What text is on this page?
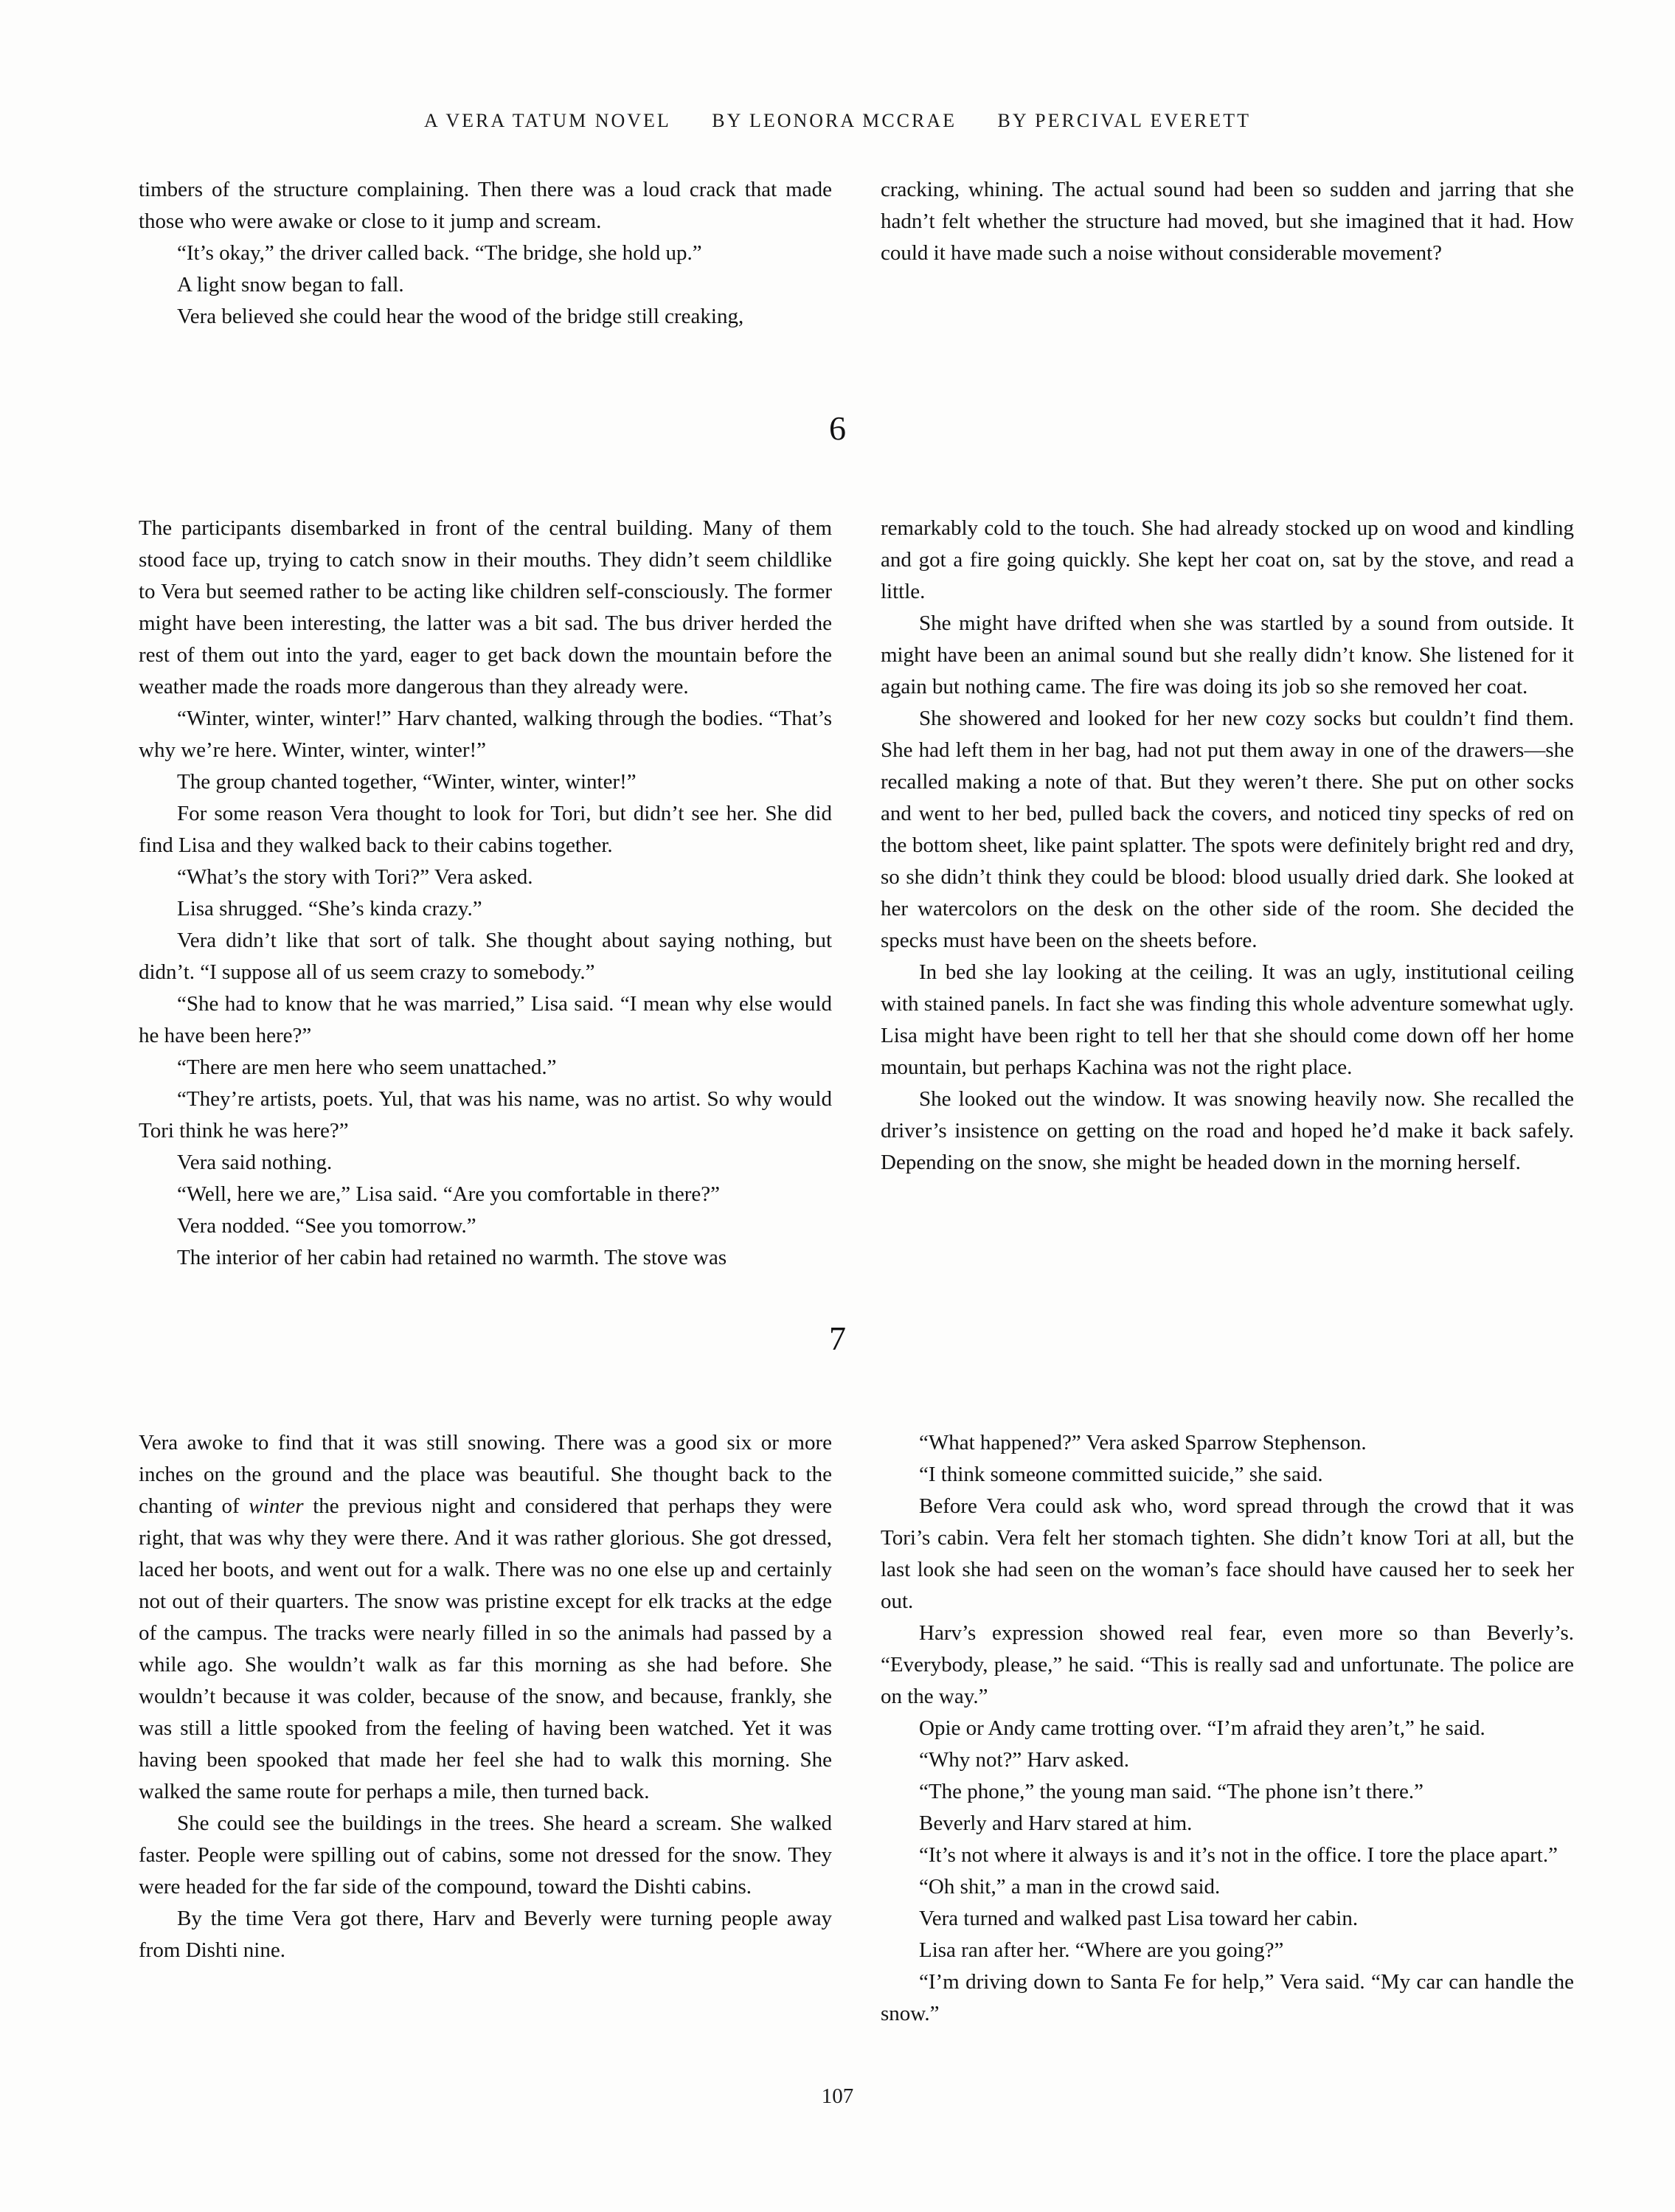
A VERA TATUM NOVEL BY LEONORA MCCRAE BY PERCIVAL EVERETT

timbers of the structure complaining. Then there was a loud crack that made those who were awake or close to it jump and scream.

“It’s okay,” the driver called back. “The bridge, she hold up.”

A light snow began to fall.

Vera believed she could hear the wood of the bridge still creaking,

cracking, whining. The actual sound had been so sudden and jarring that she hadn’t felt whether the structure had moved, but she imagined that it had. How could it have made such a noise without considerable movement?

6

The participants disembarked in front of the central building. Many of them stood face up, trying to catch snow in their mouths. They didn’t seem childlike to Vera but seemed rather to be acting like children self-consciously. The former might have been interesting, the latter was a bit sad. The bus driver herded the rest of them out into the yard, eager to get back down the mountain before the weather made the roads more dangerous than they already were.

“Winter, winter, winter!” Harv chanted, walking through the bodies. “That’s why we’re here. Winter, winter, winter!”

The group chanted together, “Winter, winter, winter!”

For some reason Vera thought to look for Tori, but didn’t see her. She did find Lisa and they walked back to their cabins together.

“What’s the story with Tori?” Vera asked.

Lisa shrugged. “She’s kinda crazy.”

Vera didn’t like that sort of talk. She thought about saying nothing, but didn’t. “I suppose all of us seem crazy to somebody.”

“She had to know that he was married,” Lisa said. “I mean why else would he have been here?”

“There are men here who seem unattached.”

“They’re artists, poets. Yul, that was his name, was no artist. So why would Tori think he was here?”

Vera said nothing.

“Well, here we are,” Lisa said. “Are you comfortable in there?”

Vera nodded. “See you tomorrow.”

The interior of her cabin had retained no warmth. The stove was

remarkably cold to the touch. She had already stocked up on wood and kindling and got a fire going quickly. She kept her coat on, sat by the stove, and read a little.

She might have drifted when she was startled by a sound from outside. It might have been an animal sound but she really didn’t know. She listened for it again but nothing came. The fire was doing its job so she removed her coat.

She showered and looked for her new cozy socks but couldn’t find them. She had left them in her bag, had not put them away in one of the drawers—she recalled making a note of that. But they weren’t there. She put on other socks and went to her bed, pulled back the covers, and noticed tiny specks of red on the bottom sheet, like paint splatter. The spots were definitely bright red and dry, so she didn’t think they could be blood: blood usually dried dark. She looked at her watercolors on the desk on the other side of the room. She decided the specks must have been on the sheets before.

In bed she lay looking at the ceiling. It was an ugly, institutional ceiling with stained panels. In fact she was finding this whole adventure somewhat ugly. Lisa might have been right to tell her that she should come down off her home mountain, but perhaps Kachina was not the right place.

She looked out the window. It was snowing heavily now. She recalled the driver’s insistence on getting on the road and hoped he’d make it back safely. Depending on the snow, she might be headed down in the morning herself.

7

Vera awoke to find that it was still snowing. There was a good six or more inches on the ground and the place was beautiful. She thought back to the chanting of winter the previous night and considered that perhaps they were right, that was why they were there. And it was rather glorious. She got dressed, laced her boots, and went out for a walk. There was no one else up and certainly not out of their quarters. The snow was pristine except for elk tracks at the edge of the campus. The tracks were nearly filled in so the animals had passed by a while ago. She wouldn’t walk as far this morning as she had before. She wouldn’t because it was colder, because of the snow, and because, frankly, she was still a little spooked from the feeling of having been watched. Yet it was having been spooked that made her feel she had to walk this morning. She walked the same route for perhaps a mile, then turned back.

She could see the buildings in the trees. She heard a scream. She walked faster. People were spilling out of cabins, some not dressed for the snow. They were headed for the far side of the compound, toward the Dishti cabins.

By the time Vera got there, Harv and Beverly were turning people away from Dishti nine.

“What happened?” Vera asked Sparrow Stephenson.

“I think someone committed suicide,” she said.

Before Vera could ask who, word spread through the crowd that it was Tori’s cabin. Vera felt her stomach tighten. She didn’t know Tori at all, but the last look she had seen on the woman’s face should have caused her to seek her out.

Harv’s expression showed real fear, even more so than Beverly’s. “Everybody, please,” he said. “This is really sad and unfortunate. The police are on the way.”

Opie or Andy came trotting over. “I’m afraid they aren’t,” he said.

“Why not?” Harv asked.

“The phone,” the young man said. “The phone isn’t there.”

Beverly and Harv stared at him.

“It’s not where it always is and it’s not in the office. I tore the place apart.”

“Oh shit,” a man in the crowd said.

Vera turned and walked past Lisa toward her cabin.

Lisa ran after her. “Where are you going?”

“I’m driving down to Santa Fe for help,” Vera said. “My car can handle the snow.”

107
